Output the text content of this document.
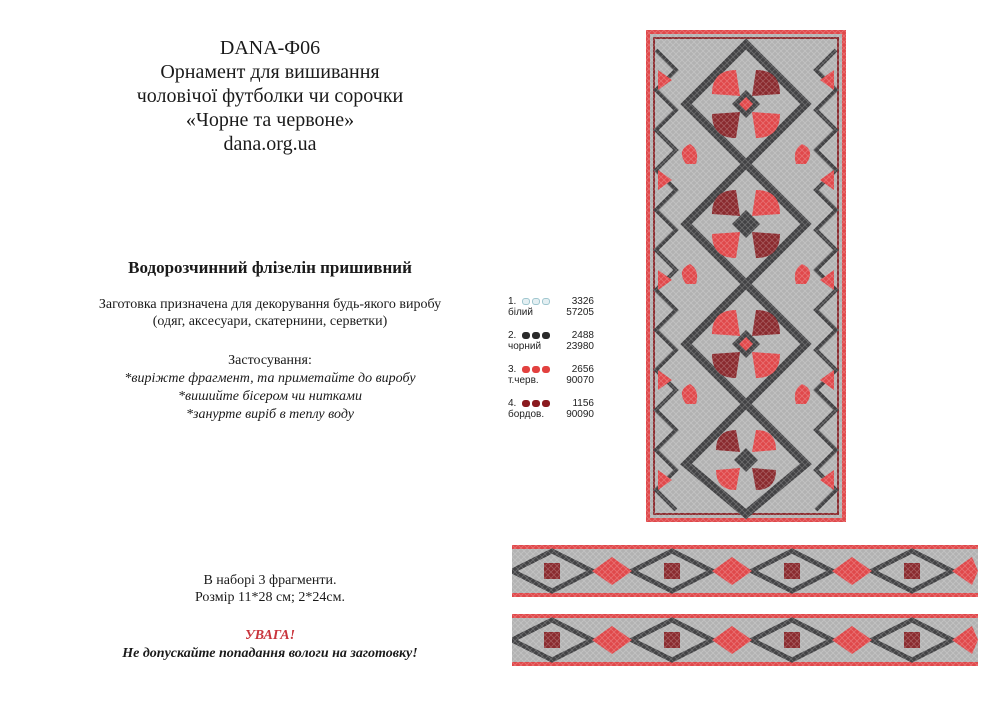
DANA-Ф06
Орнамент для вишивання
чоловічої футболки чи сорочки
«Чорне та червоне»
dana.org.ua
Водорозчинний флізелін пришивний
Заготовка призначена для декорування будь-якого виробу
(одяг, аксесуари, скатернини, серветки)
Застосування:
*виріжте фрагмент, та приметайте до виробу
*вишийте бісером чи нитками
*занурте виріб в теплу воду
1.	3326
білий	57205
2.	2488
чорний	23980
3.	2656
т.черв.	90070
4.	1156
бордов. 90090
В наборі 3 фрагменти.
Розмір 11*28 см; 2*24см.
УВАГА!
Не допускайте попадання вологи на заготовку!
